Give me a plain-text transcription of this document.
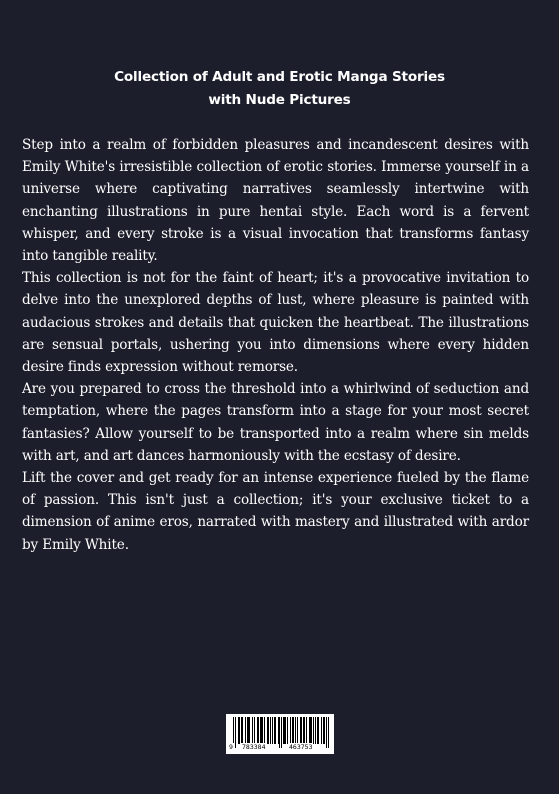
Collection of Adult and Erotic Manga Stories
with Nude Pictures

Step into a realm of forbidden pleasures and incandescent desires with Emily White's irresistible collection of erotic stories. Immerse yourself in a universe where captivating narratives seamlessly intertwine with enchanting illustrations in pure hentai style. Each word is a fervent whisper, and every stroke is a visual invocation that transforms fantasy into tangible reality.

This collection is not for the faint of heart; it's a provocative invitation to delve into the unexplored depths of lust, where pleasure is painted with audacious strokes and details that quicken the heartbeat. The illustrations are sensual portals, ushering you into dimensions where every hidden desire finds expression without remorse.

Are you prepared to cross the threshold into a whirlwind of seduction and temptation, where the pages transform into a stage for your most secret fantasies? Allow yourself to be transported into a realm where sin melds with art, and art dances harmoniously with the ecstasy of desire.

Lift the cover and get ready for an intense experience fueled by the flame of passion. This isn't just a collection; it's your exclusive ticket to a dimension of anime eros, narrated with mastery and illustrated with ardor by Emily White.

9 783384	463753
